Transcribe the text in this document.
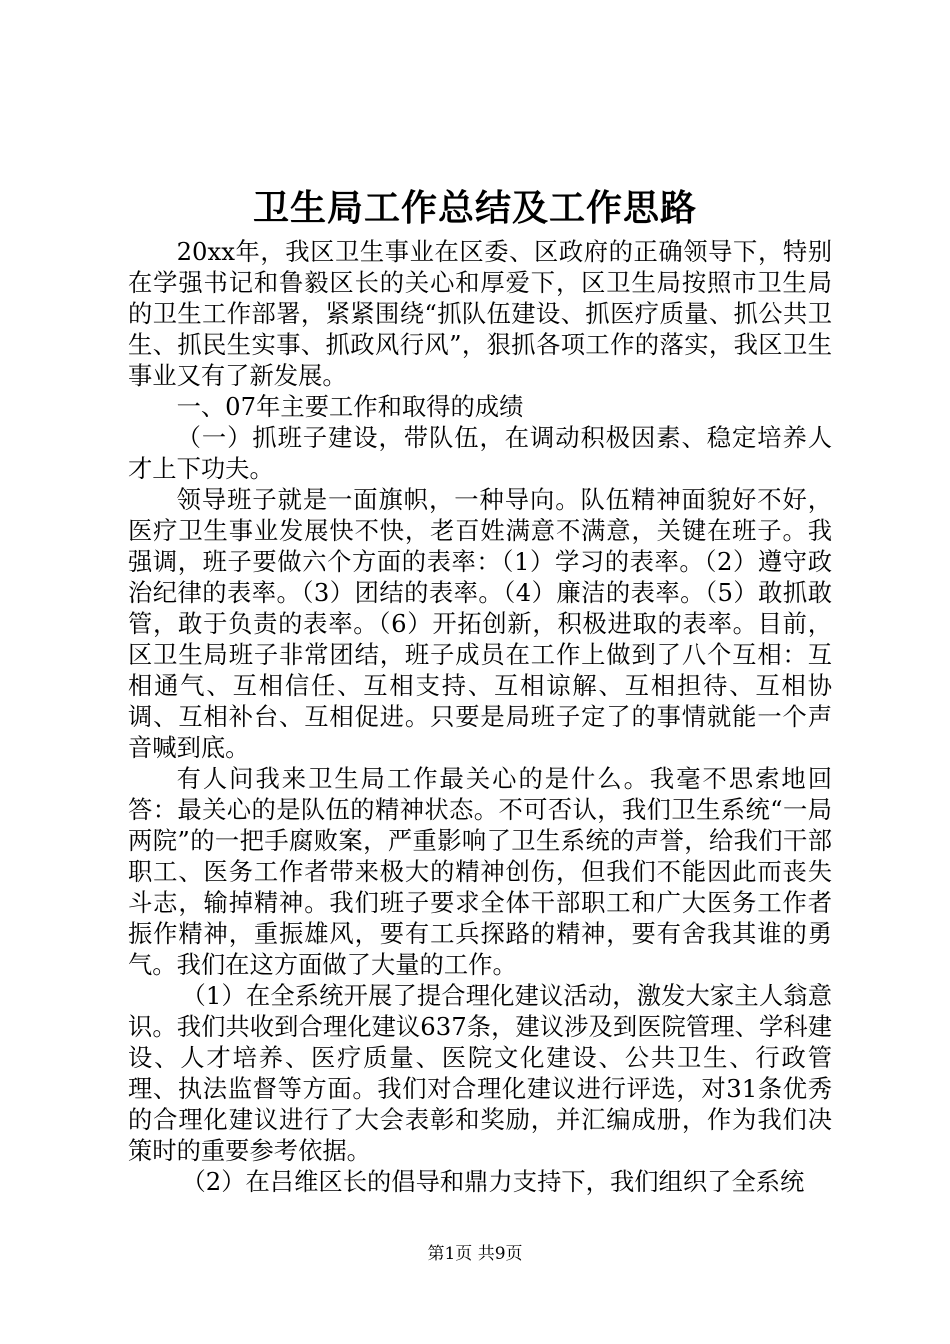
卫生局工作总结及工作思路

20xx年，我区卫生事业在区委、区政府的正确领导下，特别在学强书记和鲁毅区长的关心和厚爱下，区卫生局按照市卫生局的卫生工作部署，紧紧围绕“抓队伍建设、抓医疗质量、抓公共卫生、抓民生实事、抓政风行风”，狠抓各项工作的落实，我区卫生事业又有了新发展。

一、07年主要工作和取得的成绩

（一）抓班子建设，带队伍，在调动积极因素、稳定培养人才上下功夫。

领导班子就是一面旗帜，一种导向。队伍精神面貌好不好，医疗卫生事业发展快不快，老百姓满意不满意，关键在班子。我强调，班子要做六个方面的表率：（1）学习的表率。（2）遵守政治纪律的表率。（3）团结的表率。（4）廉洁的表率。（5）敢抓敢管，敢于负责的表率。（6）开拓创新，积极进取的表率。目前，区卫生局班子非常团结，班子成员在工作上做到了八个互相：互相通气、互相信任、互相支持、互相谅解、互相担待、互相协调、互相补台、互相促进。只要是局班子定了的事情就能一个声音喊到底。

有人问我来卫生局工作最关心的是什么。我毫不思索地回答：最关心的是队伍的精神状态。不可否认，我们卫生系统“一局两院”的一把手腐败案，严重影响了卫生系统的声誉，给我们干部职工、医务工作者带来极大的精神创伤，但我们不能因此而丧失斗志，输掉精神。我们班子要求全体干部职工和广大医务工作者振作精神，重振雄风，要有工兵探路的精神，要有舍我其谁的勇气。我们在这方面做了大量的工作。

（1）在全系统开展了提合理化建议活动，激发大家主人翁意识。我们共收到合理化建议637条，建议涉及到医院管理、学科建设、人才培养、医疗质量、医院文化建设、公共卫生、行政管理、执法监督等方面。我们对合理化建议进行评选，对31条优秀的合理化建议进行了大会表彰和奖励，并汇编成册，作为我们决策时的重要参考依据。

（2）在吕维区长的倡导和鼎力支持下，我们组织了全系统

第1页 共9页
